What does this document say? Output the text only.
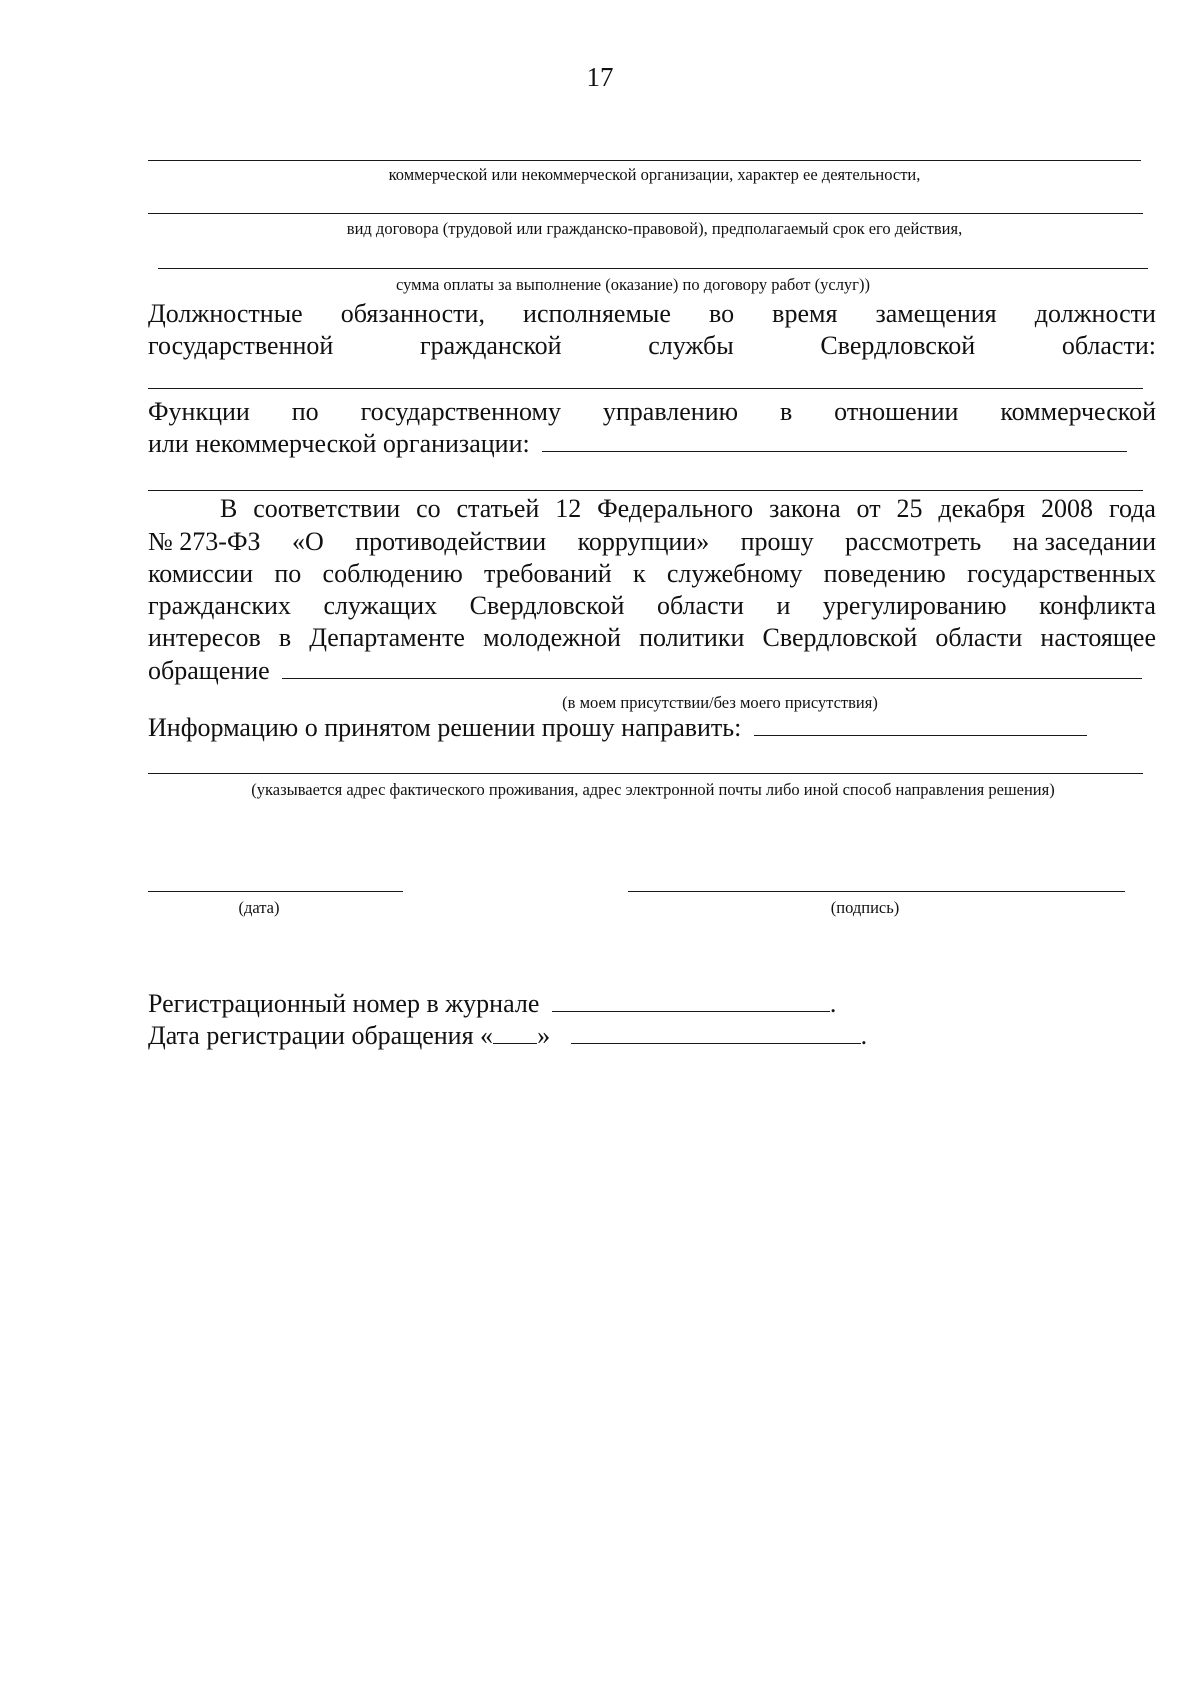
17
коммерческой или некоммерческой организации, характер ее деятельности,
вид договора (трудовой или гражданско-правовой), предполагаемый срок его действия,
сумма оплаты за выполнение (оказание) по договору работ (услуг))
Должностные обязанности, исполняемые во время замещения должности
государственной	гражданской	службы	Свердловской	области:
Функции по государственному управлению в отношении коммерческой
или некоммерческой организации:
В соответствии со статьей 12 Федерального закона от 25 декабря 2008 года
№ 273-ФЗ «О противодействии коррупции» прошу рассмотреть на заседании
комиссии по соблюдению требований к служебному поведению государственных
гражданских служащих Свердловской области и урегулированию конфликта
интересов в Департаменте молодежной политики Свердловской области настоящее
обращение
(в моем присутствии/без моего присутствия)
Информацию о принятом решении прошу направить:
(указывается адрес фактического проживания, адрес электронной почты либо иной способ направления решения)
(дата)	(подпись)
Регистрационный номер в журнале	.
Дата регистрации обращения « »	.
